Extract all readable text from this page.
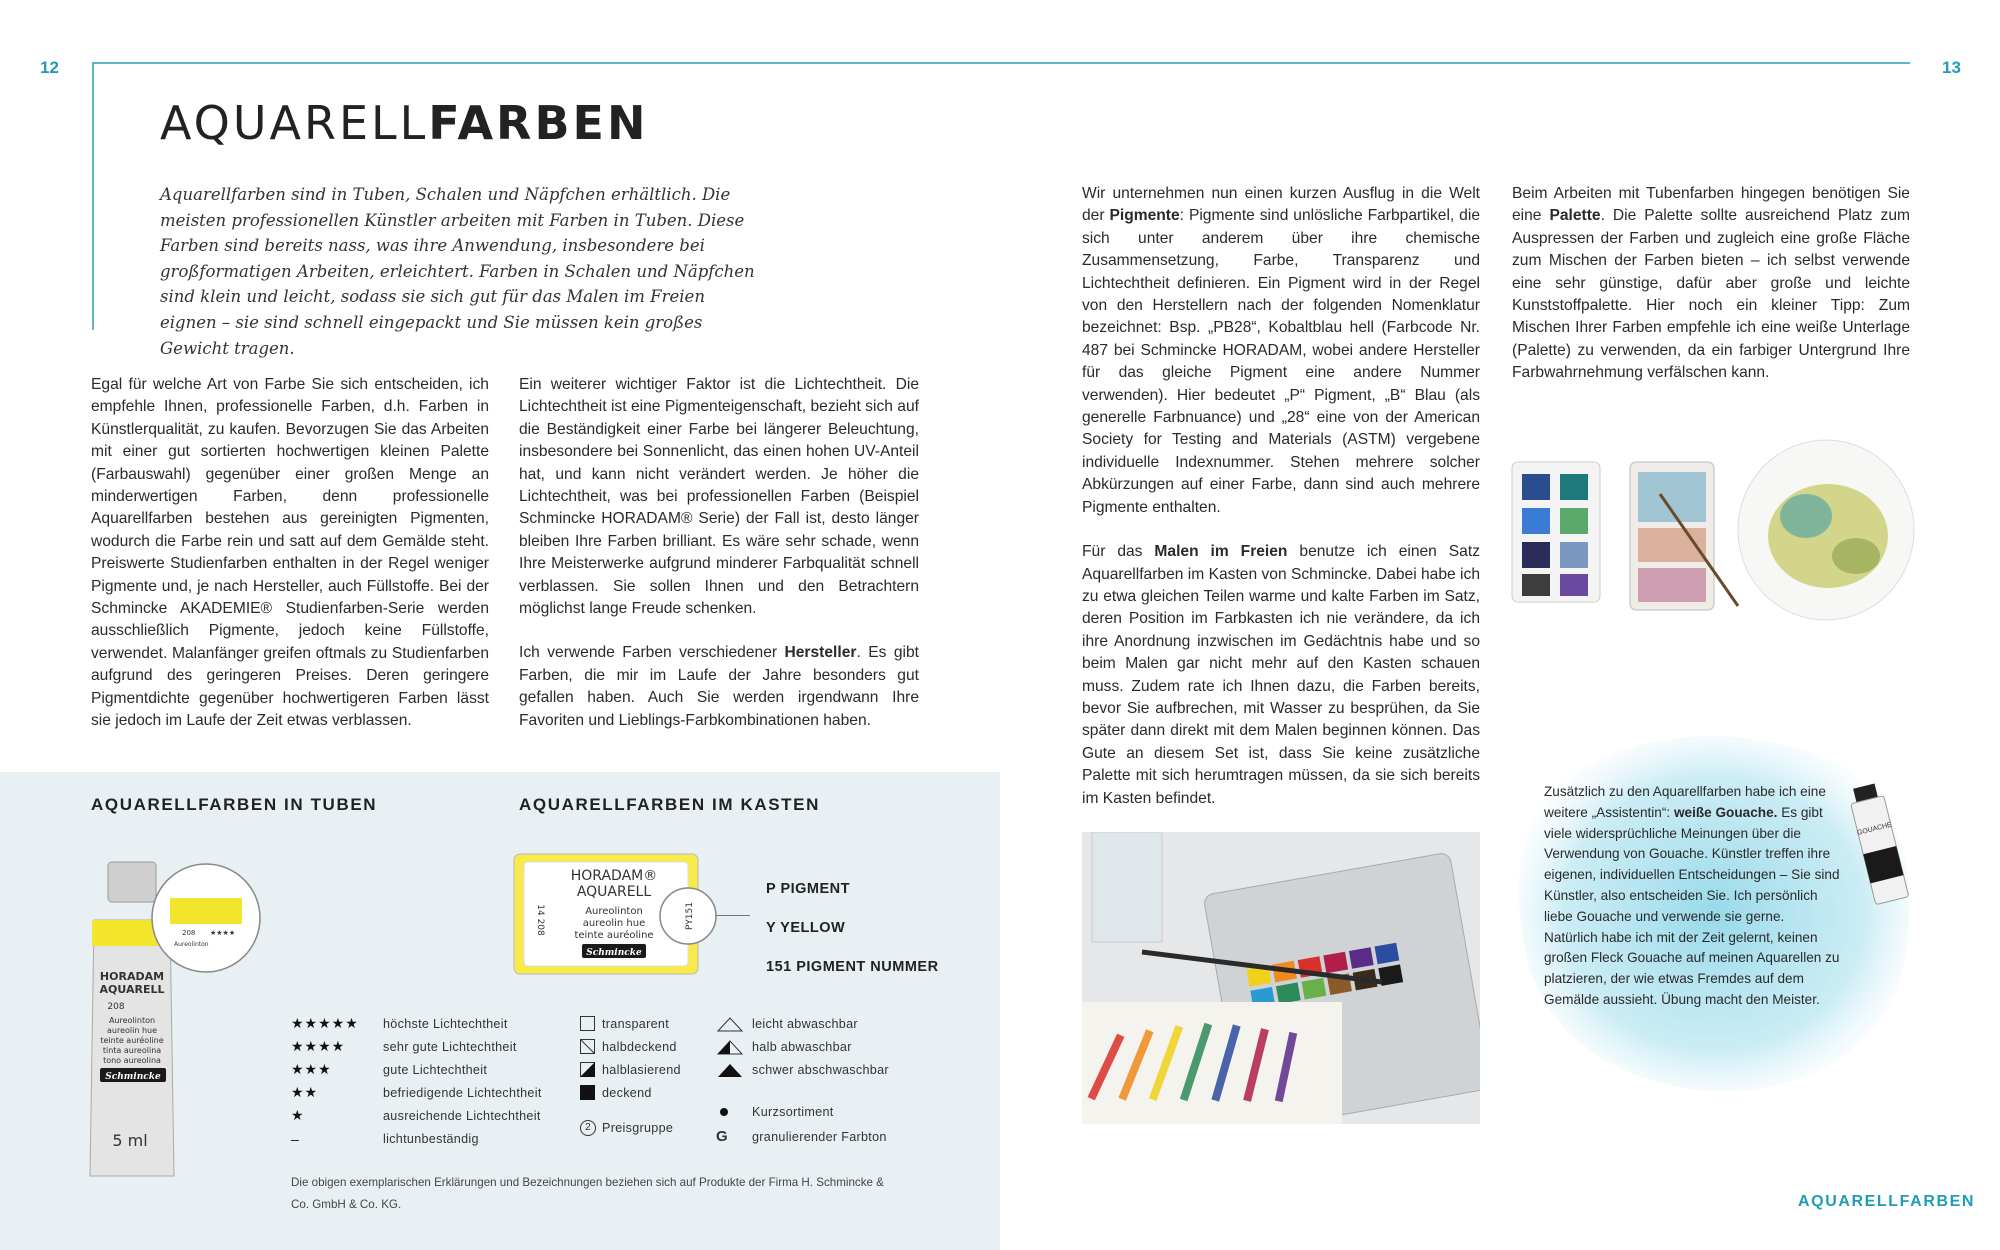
12	13
AQUARELLFARBEN
Aquarellfarben sind in Tuben, Schalen und Näpfchen erhältlich. Die meisten professionellen Künstler arbeiten mit Farben in Tuben. Diese Farben sind bereits nass, was ihre Anwendung, insbesondere bei großformatigen Arbeiten, erleichtert. Farben in Schalen und Näpfchen sind klein und leicht, sodass sie sich gut für das Malen im Freien eignen – sie sind schnell eingepackt und Sie müssen kein großes Gewicht tragen.

Egal für welche Art von Farbe Sie sich entscheiden, ich empfehle Ihnen, professionelle Farben, d.h. Farben in Künstlerqualität, zu kaufen. Bevorzugen Sie das Arbeiten mit einer gut sortierten hochwertigen kleinen Palette (Farbauswahl) gegenüber einer großen Menge an minderwertigen Farben, denn professionelle Aquarellfarben bestehen aus gereinigten Pigmenten, wodurch die Farbe rein und satt auf dem Gemälde steht. Preiswerte Studienfarben enthalten in der Regel weniger Pigmente und, je nach Hersteller, auch Füllstoffe. Bei der Schmincke AKADEMIE® Studienfarben-Serie werden ausschließlich Pigmente, jedoch keine Füllstoffe, verwendet. Malanfänger greifen oftmals zu Studienfarben aufgrund des geringeren Preises. Deren geringere Pigmentdichte gegenüber hochwertigeren Farben lässt sie jedoch im Laufe der Zeit etwas verblassen.

Ein weiterer wichtiger Faktor ist die Lichtechtheit. Die Lichtechtheit ist eine Pigmenteigenschaft, bezieht sich auf die Beständigkeit einer Farbe bei längerer Beleuchtung, insbesondere bei Sonnenlicht, das einen hohen UV-Anteil hat, und kann nicht verändert werden. Je höher die Lichtechtheit, was bei professionellen Farben (Beispiel Schmincke HORADAM® Serie) der Fall ist, desto länger bleiben Ihre Farben brilliant. Es wäre sehr schade, wenn Ihre Meisterwerke aufgrund minderer Farbqualität schnell verblassen. Sie sollen Ihnen und den Betrachtern möglichst lange Freude schenken.

Ich verwende Farben verschiedener Hersteller. Es gibt Farben, die mir im Laufe der Jahre besonders gut gefallen haben. Auch Sie werden irgendwann Ihre Favoriten und Lieblings-Farbkombinationen haben.

Wir unternehmen nun einen kurzen Ausflug in die Welt der Pigmente: Pigmente sind unlösliche Farbpartikel, die sich unter anderem über ihre chemische Zusammensetzung, Farbe, Transparenz und Lichtechtheit definieren. Ein Pigment wird in der Regel von den Herstellern nach der folgenden Nomenklatur bezeichnet: Bsp. „PB28“, Kobaltblau hell (Farbcode Nr. 487 bei Schmincke HORADAM, wobei andere Hersteller für das gleiche Pigment eine andere Nummer verwenden). Hier bedeutet „P“ Pigment, „B“ Blau (als generelle Farbnuance) und „28“ eine von der American Society for Testing and Materials (ASTM) vergebene individuelle Indexnummer. Stehen mehrere solcher Abkürzungen auf einer Farbe, dann sind auch mehrere Pigmente enthalten.

Für das Malen im Freien benutze ich einen Satz Aquarellfarben im Kasten von Schmincke. Dabei habe ich zu etwa gleichen Teilen warme und kalte Farben im Satz, deren Position im Farbkasten ich nie verändere, da ich ihre Anordnung inzwischen im Gedächtnis habe und so beim Malen gar nicht mehr auf den Kasten schauen muss. Zudem rate ich Ihnen dazu, die Farben bereits, bevor Sie aufbrechen, mit Wasser zu besprühen, da Sie später dann direkt mit dem Malen beginnen können. Das Gute an diesem Set ist, dass Sie keine zusätzliche Palette mit sich herumtragen müssen, da sie sich bereits im Kasten befindet.

Beim Arbeiten mit Tubenfarben hingegen benötigen Sie eine Palette. Die Palette sollte ausreichend Platz zum Auspressen der Farben und zugleich eine große Fläche zum Mischen der Farben bieten – ich selbst verwende eine sehr günstige, dafür aber große und leichte Kunststoffpalette. Hier noch ein kleiner Tipp: Zum Mischen Ihrer Farben empfehle ich eine weiße Unterlage (Palette) zu verwenden, da ein farbiger Untergrund Ihre Farbwahrnehmung verfälschen kann.

GOUACHE
Zusätzlich zu den Aquarellfarben habe ich eine weitere „Assistentin“: weiße Gouache. Es gibt viele widersprüchliche Meinungen über die Verwendung von Gouache. Künstler treffen ihre eigenen, individuellen Entscheidungen – Sie sind Künstler, also entscheiden Sie. Ich persönlich liebe Gouache und verwende sie gerne. Natürlich habe ich mit der Zeit gelernt, keinen großen Fleck Gouache auf meinen Aquarellen zu platzieren, der wie etwas Fremdes auf dem Gemälde aussieht. Übung macht den Meister.
AQUARELLFARBEN IN TUBEN	AQUARELLFARBEN IM KASTEN
HORADAM
AQUARELL
208
Aureolinton
aureolin hue
teinte auréoline
tinta aureolina
tono aureolina
Schmincke
5 ml
208 ★★★★
Aureolinton
HORADAM®
AQUARELL
Aureolinton
aureolin hue
teinte auréoline
Schmincke
14 208	PY151
P PIGMENT
Y YELLOW
151 PIGMENT NUMMER
★★★★★	höchste Lichtechtheit
★★★★	sehr gute Lichtechtheit
★★★	gute Lichtechtheit
★★	befriedigende Lichtechtheit
★	ausreichende Lichtechtheit
–	lichtunbeständig
transparent
halbdeckend
halblasierend
deckend
2 Preisgruppe
leicht abwaschbar
halb abwaschbar
schwer abschwaschbar
Kurzsortiment
G	granulierender Farbton
Die obigen exemplarischen Erklärungen und Bezeichnungen beziehen sich auf Produkte der Firma H. Schmincke & Co. GmbH & Co. KG.	AQUARELLFARBEN
